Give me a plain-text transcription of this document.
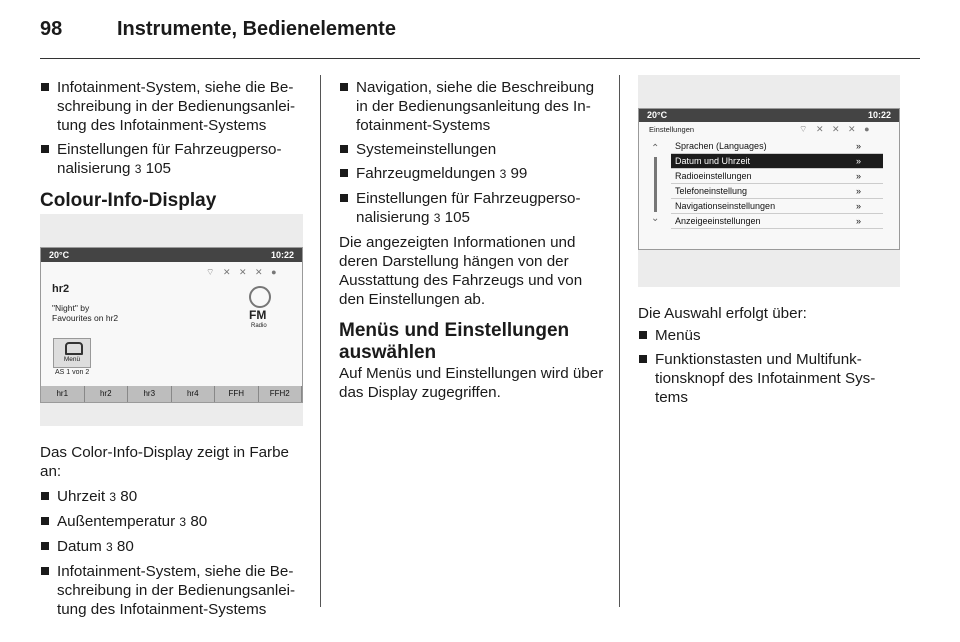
98	Instrumente, Bedienelemente
Infotainment-System, siehe die Beschreibung in der Bedienungsanleitung des Infotainment-Systems
Einstellungen für Fahrzeugpersonalisierung 3 105
Colour-Info-Display
20°C	10:22
⌔ ✕ ✕ ✕ ●
hr2
"Night" by
Favourites on hr2	FM
Radio
Menü
AS 1 von 2
hr1	hr2	hr3	hr4	FFH	FFH2

Das Color-Info-Display zeigt in Farbe an:

Uhrzeit 3 80
Außentemperatur 3 80
Datum 3 80
Infotainment-System, siehe die Beschreibung in der Bedienungsanleitung des Infotainment-Systems
Navigation, siehe die Beschreibung in der Bedienungsanleitung des Infotainment-Systems
Systemeinstellungen
Fahrzeugmeldungen 3 99
Einstellungen für Fahrzeugpersonalisierung 3 105

Die angezeigten Informationen und deren Darstellung hängen von der Ausstattung des Fahrzeugs und von den Einstellungen ab.

Menüs und Einstellungen auswählen

Auf Menüs und Einstellungen wird über das Display zugegriffen.

20°C	10:22
Einstellungen	⌔ ✕ ✕ ✕ ●
⌃
⌄
Sprachen (Languages)	»
Datum und Uhrzeit	»
Radioeinstellungen	»
Telefoneinstellung	»
Navigationseinstellungen	»
Anzeigeeinstellungen	»

Die Auswahl erfolgt über:

Menüs
Funktionstasten und Multifunktionsknopf des Infotainment Systems
